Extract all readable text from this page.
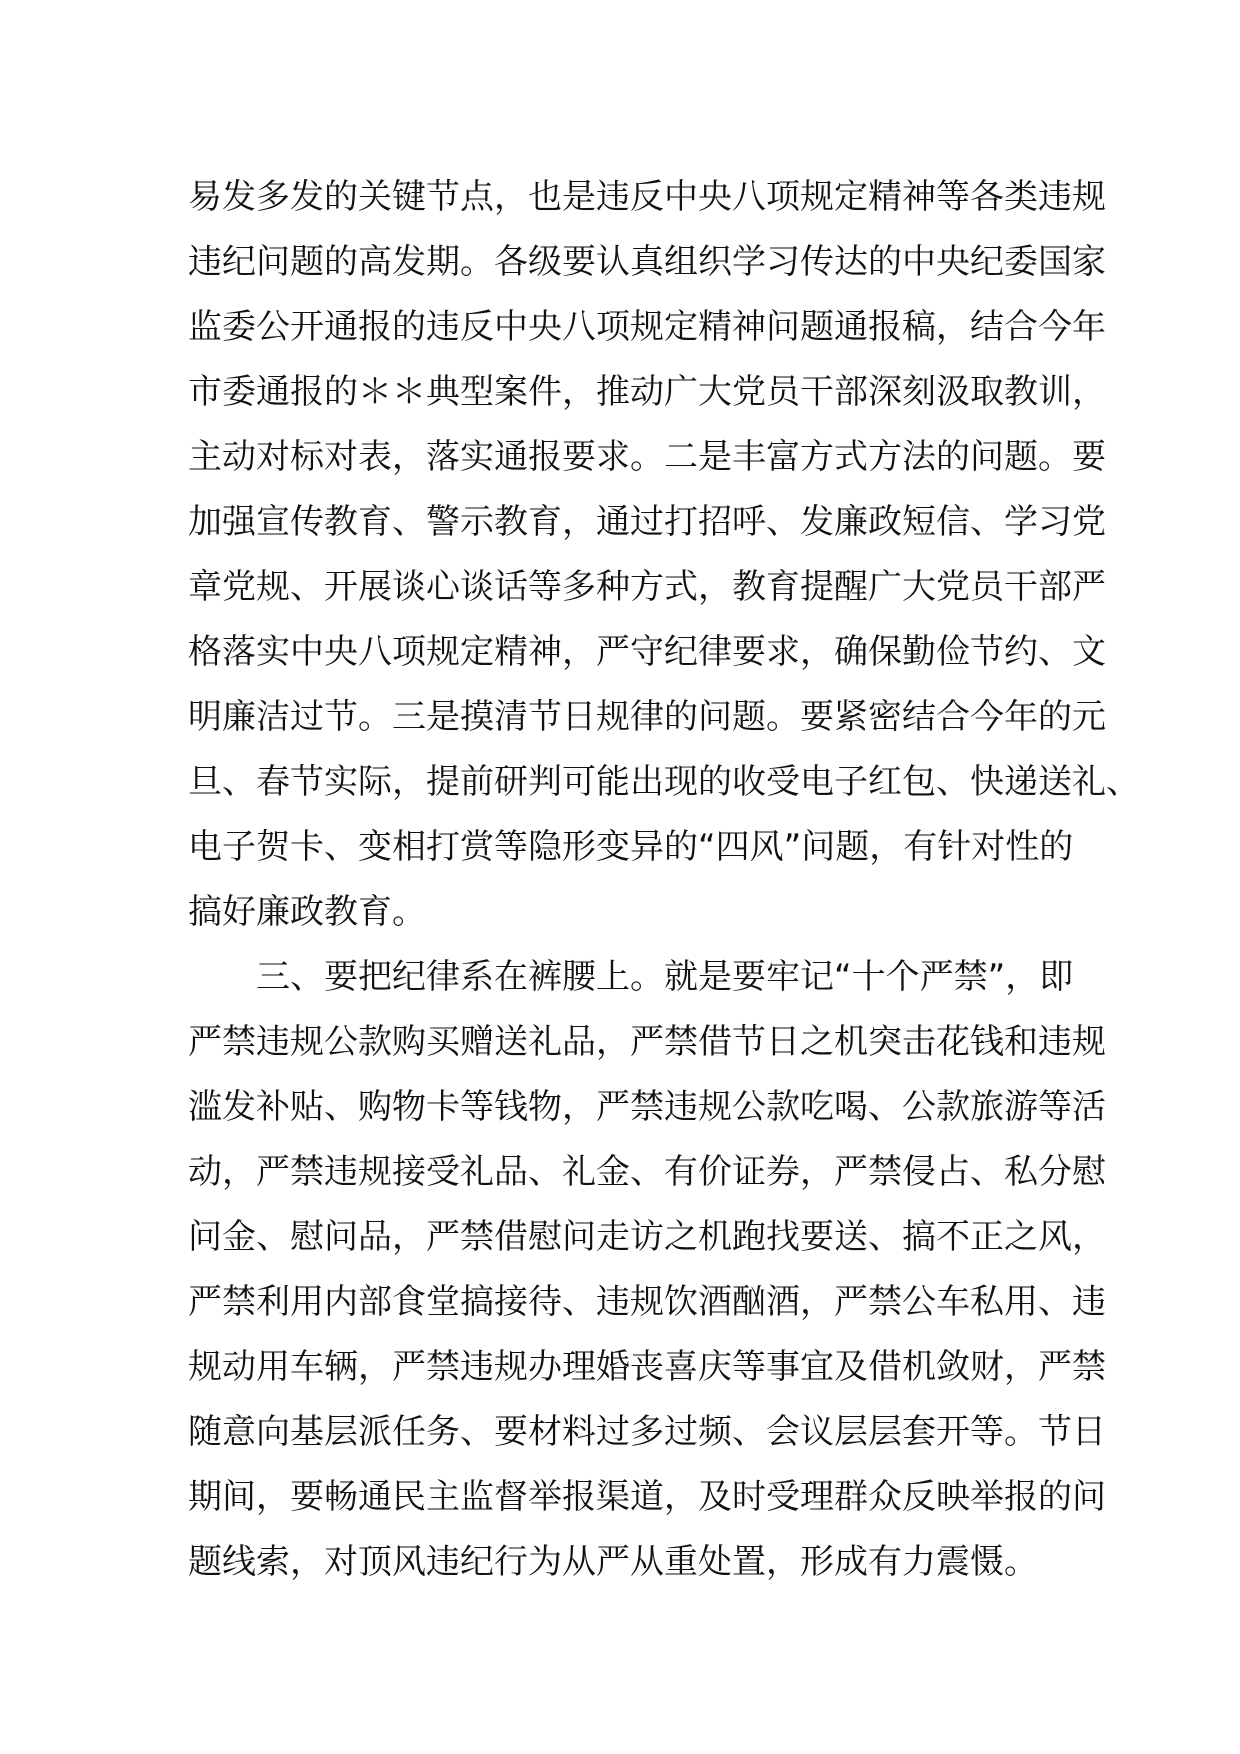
易发多发的关键节点，也是违反中央八项规定精神等各类违规
违纪问题的高发期。各级要认真组织学习传达的中央纪委国家
监委公开通报的违反中央八项规定精神问题通报稿，结合今年
市委通报的＊＊典型案件，推动广大党员干部深刻汲取教训，
主动对标对表，落实通报要求。二是丰富方式方法的问题。要
加强宣传教育、警示教育，通过打招呼、发廉政短信、学习党
章党规、开展谈心谈话等多种方式，教育提醒广大党员干部严
格落实中央八项规定精神，严守纪律要求，确保勤俭节约、文
明廉洁过节。三是摸清节日规律的问题。要紧密结合今年的元
旦、春节实际，提前研判可能出现的收受电子红包、快递送礼、
电子贺卡、变相打赏等隐形变异的“四风”问题，有针对性的
搞好廉政教育。
三、要把纪律系在裤腰上。就是要牢记“十个严禁”，即
严禁违规公款购买赠送礼品，严禁借节日之机突击花钱和违规
滥发补贴、购物卡等钱物，严禁违规公款吃喝、公款旅游等活
动，严禁违规接受礼品、礼金、有价证券，严禁侵占、私分慰
问金、慰问品，严禁借慰问走访之机跑找要送、搞不正之风，
严禁利用内部食堂搞接待、违规饮酒酗酒，严禁公车私用、违
规动用车辆，严禁违规办理婚丧喜庆等事宜及借机敛财，严禁
随意向基层派任务、要材料过多过频、会议层层套开等。节日
期间，要畅通民主监督举报渠道，及时受理群众反映举报的问
题线索，对顶风违纪行为从严从重处置，形成有力震慑。
